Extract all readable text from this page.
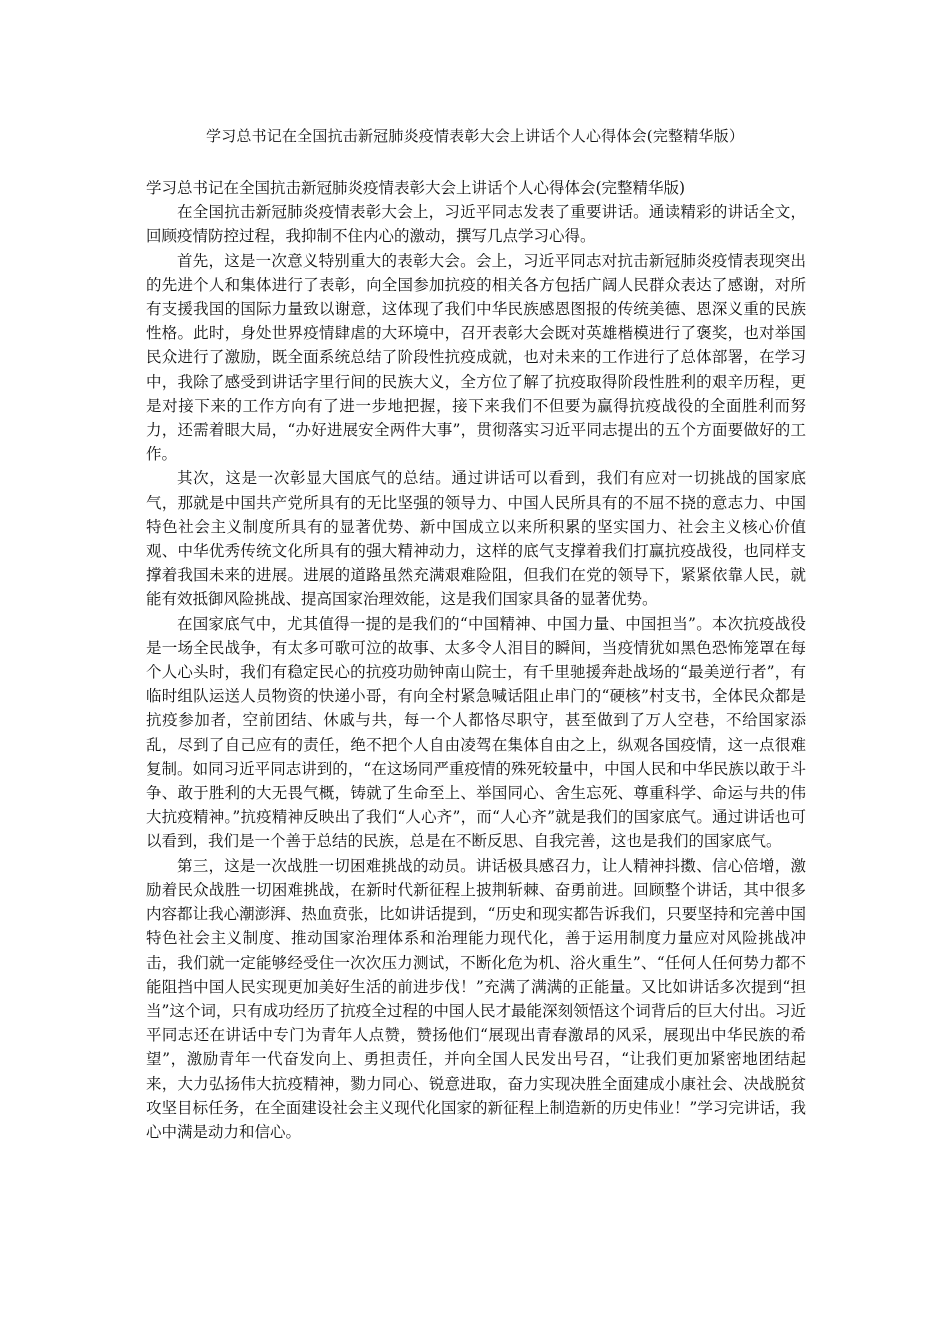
学习总书记在全国抗击新冠肺炎疫情表彰大会上讲话个人心得体会(完整精华版）

学习总书记在全国抗击新冠肺炎疫情表彰大会上讲话个人心得体会(完整精华版)

在全国抗击新冠肺炎疫情表彰大会上，习近平同志发表了重要讲话。通读精彩的讲话全文，回顾疫情防控过程，我抑制不住内心的激动，撰写几点学习心得。

首先，这是一次意义特别重大的表彰大会。会上，习近平同志对抗击新冠肺炎疫情表现突出的先进个人和集体进行了表彰，向全国参加抗疫的相关各方包括广阔人民群众表达了感谢，对所有支援我国的国际力量致以谢意，这体现了我们中华民族感恩图报的传统美德、恩深义重的民族性格。此时，身处世界疫情肆虐的大环境中，召开表彰大会既对英雄楷模进行了褒奖，也对举国民众进行了激励，既全面系统总结了阶段性抗疫成就，也对未来的工作进行了总体部署，在学习中，我除了感受到讲话字里行间的民族大义，全方位了解了抗疫取得阶段性胜利的艰辛历程，更是对接下来的工作方向有了进一步地把握，接下来我们不但要为赢得抗疫战役的全面胜利而努力，还需着眼大局，“办好进展安全两件大事”，贯彻落实习近平同志提出的五个方面要做好的工作。

其次，这是一次彰显大国底气的总结。通过讲话可以看到，我们有应对一切挑战的国家底气，那就是中国共产党所具有的无比坚强的领导力、中国人民所具有的不屈不挠的意志力、中国特色社会主义制度所具有的显著优势、新中国成立以来所积累的坚实国力、社会主义核心价值观、中华优秀传统文化所具有的强大精神动力，这样的底气支撑着我们打赢抗疫战役，也同样支撑着我国未来的进展。进展的道路虽然充满艰难险阻，但我们在党的领导下，紧紧依靠人民，就能有效抵御风险挑战、提高国家治理效能，这是我们国家具备的显著优势。

在国家底气中，尤其值得一提的是我们的“中国精神、中国力量、中国担当”。本次抗疫战役是一场全民战争，有太多可歌可泣的故事、太多令人泪目的瞬间，当疫情犹如黑色恐怖笼罩在每个人心头时，我们有稳定民心的抗疫功勋钟南山院士，有千里驰援奔赴战场的“最美逆行者”，有临时组队运送人员物资的快递小哥，有向全村紧急喊话阻止串门的“硬核”村支书，全体民众都是抗疫参加者，空前团结、休戚与共，每一个人都恪尽职守，甚至做到了万人空巷，不给国家添乱，尽到了自己应有的责任，绝不把个人自由凌驾在集体自由之上，纵观各国疫情，这一点很难复制。如同习近平同志讲到的，“在这场同严重疫情的殊死较量中，中国人民和中华民族以敢于斗争、敢于胜利的大无畏气概，铸就了生命至上、举国同心、舍生忘死、尊重科学、命运与共的伟大抗疫精神。”抗疫精神反映出了我们“人心齐”，而“人心齐”就是我们的国家底气。通过讲话也可以看到，我们是一个善于总结的民族，总是在不断反思、自我完善，这也是我们的国家底气。

第三，这是一次战胜一切困难挑战的动员。讲话极具感召力，让人精神抖擞、信心倍增，激励着民众战胜一切困难挑战，在新时代新征程上披荆斩棘、奋勇前进。回顾整个讲话，其中很多内容都让我心潮澎湃、热血贲张，比如讲话提到，“历史和现实都告诉我们，只要坚持和完善中国特色社会主义制度、推动国家治理体系和治理能力现代化，善于运用制度力量应对风险挑战冲击，我们就一定能够经受住一次次压力测试，不断化危为机、浴火重生”、“任何人任何势力都不能阻挡中国人民实现更加美好生活的前进步伐！”充满了满满的正能量。又比如讲话多次提到“担当”这个词，只有成功经历了抗疫全过程的中国人民才最能深刻领悟这个词背后的巨大付出。习近平同志还在讲话中专门为青年人点赞，赞扬他们“展现出青春激昂的风采，展现出中华民族的希望”，激励青年一代奋发向上、勇担责任，并向全国人民发出号召，“让我们更加紧密地团结起来，大力弘扬伟大抗疫精神，勠力同心、锐意进取，奋力实现决胜全面建成小康社会、决战脱贫攻坚目标任务，在全面建设社会主义现代化国家的新征程上制造新的历史伟业！”学习完讲话，我心中满是动力和信心。
